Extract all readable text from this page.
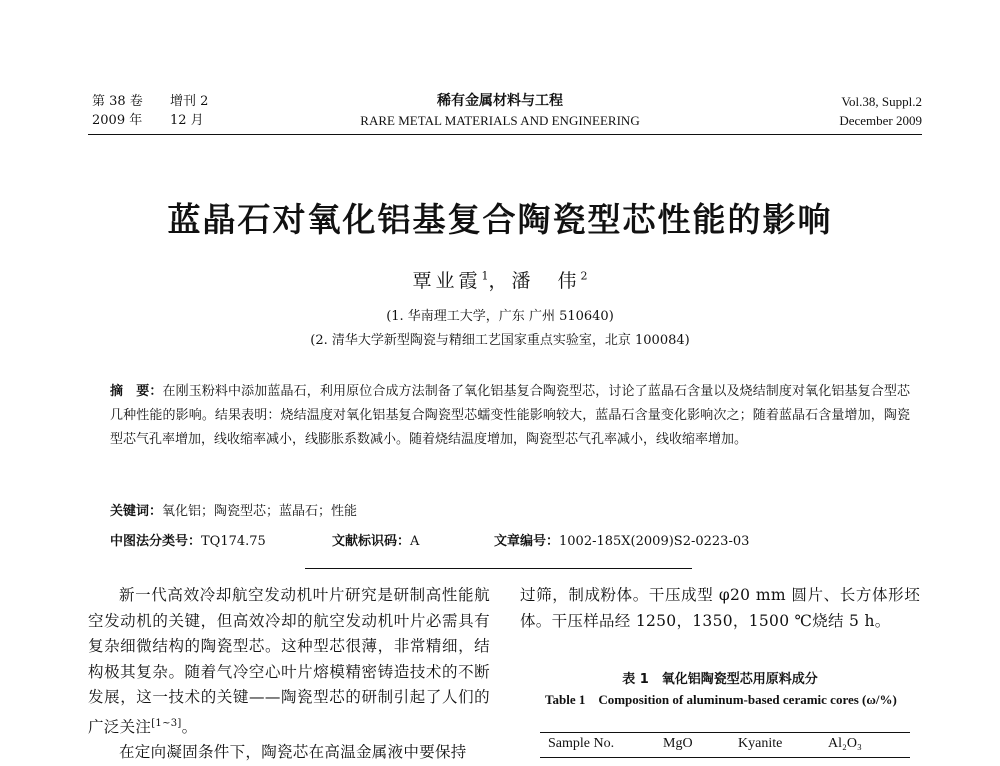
第 38 卷 增刊 2
2009 年 12 月
稀有金属材料与工程
RARE METAL MATERIALS AND ENGINEERING
Vol.38, Suppl.2
December 2009
蓝晶石对氧化铝基复合陶瓷型芯性能的影响
覃业霞$^1$，潘　伟$^2$
(1. 华南理工大学，广东 广州 510640)
(2. 清华大学新型陶瓷与精细工艺国家重点实验室，北京 100084)
摘　要：在刚玉粉料中添加蓝晶石，利用原位合成方法制备了氧化铝基复合陶瓷型芯，讨论了蓝晶石含量以及烧结制度对氧化铝基复合型芯几种性能的影响。结果表明：烧结温度对氧化铝基复合陶瓷型芯蠕变性能影响较大，蓝晶石含量变化影响次之；随着蓝晶石含量增加，陶瓷型芯气孔率增加，线收缩率减小，线膨胀系数减小。随着烧结温度增加，陶瓷型芯气孔率减小，线收缩率增加。
关键词：氧化铝；陶瓷型芯；蓝晶石；性能
中图法分类号：TQ174.75	文献标识码：A	文章编号：1002-185X(2009)S2-0223-03

新一代高效冷却航空发动机叶片研究是研制高性能航空发动机的关键，但高效冷却的航空发动机叶片必需具有复杂细微结构的陶瓷型芯。这种型芯很薄，非常精细，结构极其复杂。随着气冷空心叶片熔模精密铸造技术的不断发展，这一技术的关键——陶瓷型芯的研制引起了人们的广泛关注[1~3]。

在定向凝固条件下，陶瓷芯在高温金属液中要保持

过筛，制成粉体。干压成型 φ20 mm 圆片、长方体形坯体。干压样品经 1250，1350，1500 ℃烧结 5 h。

表 1　 氧化铝陶瓷型芯用原料成分
Table 1　Composition of aluminum-based ceramic cores (ω/%)
Sample No.	MgO	Kyanite	Al₂O₃
